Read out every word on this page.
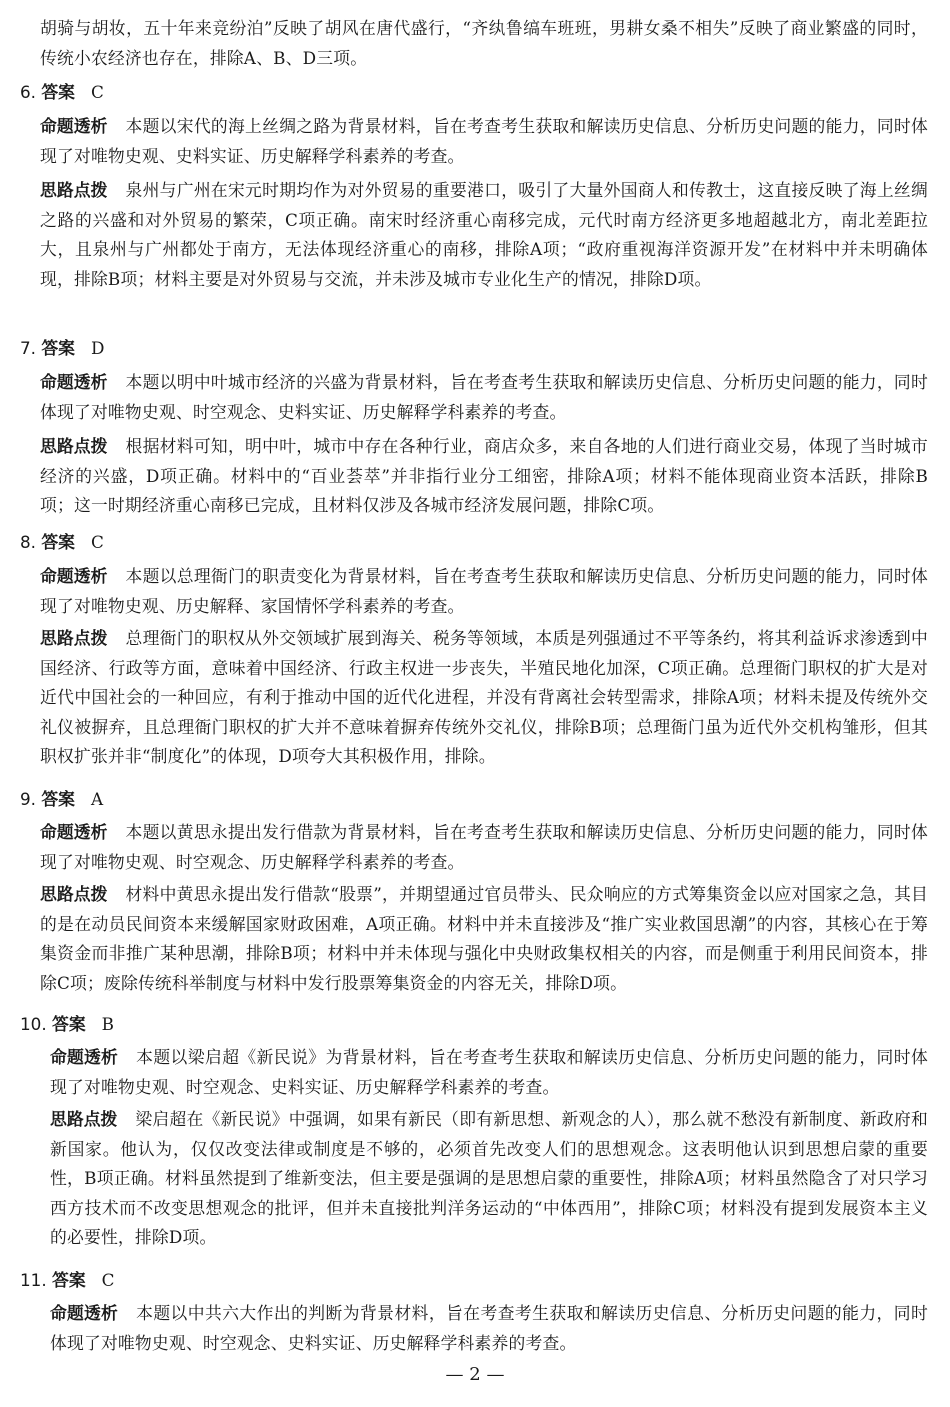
胡骑与胡妆，五十年来竞纷泊”反映了胡风在唐代盛行，“齐纨鲁缟车班班，男耕女桑不相失”反映了商业繁盛的同时，传统小农经济也存在，排除A、B、D三项。

6. 答案 C

命题透析 本题以宋代的海上丝绸之路为背景材料，旨在考查考生获取和解读历史信息、分析历史问题的能力，同时体现了对唯物史观、史料实证、历史解释学科素养的考查。

思路点拨 泉州与广州在宋元时期均作为对外贸易的重要港口，吸引了大量外国商人和传教士，这直接反映了海上丝绸之路的兴盛和对外贸易的繁荣，C项正确。南宋时经济重心南移完成，元代时南方经济更多地超越北方，南北差距拉大，且泉州与广州都处于南方，无法体现经济重心的南移，排除A项；“政府重视海洋资源开发”在材料中并未明确体现，排除B项；材料主要是对外贸易与交流，并未涉及城市专业化生产的情况，排除D项。

7. 答案 D

命题透析 本题以明中叶城市经济的兴盛为背景材料，旨在考查考生获取和解读历史信息、分析历史问题的能力，同时体现了对唯物史观、时空观念、史料实证、历史解释学科素养的考查。

思路点拨 根据材料可知，明中叶，城市中存在各种行业，商店众多，来自各地的人们进行商业交易，体现了当时城市经济的兴盛，D项正确。材料中的“百业荟萃”并非指行业分工细密，排除A项；材料不能体现商业资本活跃，排除B项；这一时期经济重心南移已完成，且材料仅涉及各城市经济发展问题，排除C项。

8. 答案 C

命题透析 本题以总理衙门的职责变化为背景材料，旨在考查考生获取和解读历史信息、分析历史问题的能力，同时体现了对唯物史观、历史解释、家国情怀学科素养的考查。

思路点拨 总理衙门的职权从外交领域扩展到海关、税务等领域，本质是列强通过不平等条约，将其利益诉求渗透到中国经济、行政等方面，意味着中国经济、行政主权进一步丧失，半殖民地化加深，C项正确。总理衙门职权的扩大是对近代中国社会的一种回应，有利于推动中国的近代化进程，并没有背离社会转型需求，排除A项；材料未提及传统外交礼仪被摒弃，且总理衙门职权的扩大并不意味着摒弃传统外交礼仪，排除B项；总理衙门虽为近代外交机构雏形，但其职权扩张并非“制度化”的体现，D项夸大其积极作用，排除。

9. 答案 A

命题透析 本题以黄思永提出发行借款为背景材料，旨在考查考生获取和解读历史信息、分析历史问题的能力，同时体现了对唯物史观、时空观念、历史解释学科素养的考查。

思路点拨 材料中黄思永提出发行借款“股票”，并期望通过官员带头、民众响应的方式筹集资金以应对国家之急，其目的是在动员民间资本来缓解国家财政困难，A项正确。材料中并未直接涉及“推广实业救国思潮”的内容，其核心在于筹集资金而非推广某种思潮，排除B项；材料中并未体现与强化中央财政集权相关的内容，而是侧重于利用民间资本，排除C项；废除传统科举制度与材料中发行股票筹集资金的内容无关，排除D项。

10. 答案 B

命题透析 本题以梁启超《新民说》为背景材料，旨在考查考生获取和解读历史信息、分析历史问题的能力，同时体现了对唯物史观、时空观念、史料实证、历史解释学科素养的考查。

思路点拨 梁启超在《新民说》中强调，如果有新民（即有新思想、新观念的人），那么就不愁没有新制度、新政府和新国家。他认为，仅仅改变法律或制度是不够的，必须首先改变人们的思想观念。这表明他认识到思想启蒙的重要性，B项正确。材料虽然提到了维新变法，但主要是强调的是思想启蒙的重要性，排除A项；材料虽然隐含了对只学习西方技术而不改变思想观念的批评，但并未直接批判洋务运动的“中体西用”，排除C项；材料没有提到发展资本主义的必要性，排除D项。

11. 答案 C

命题透析 本题以中共六大作出的判断为背景材料，旨在考查考生获取和解读历史信息、分析历史问题的能力，同时体现了对唯物史观、时空观念、史料实证、历史解释学科素养的考查。

— 2 —
